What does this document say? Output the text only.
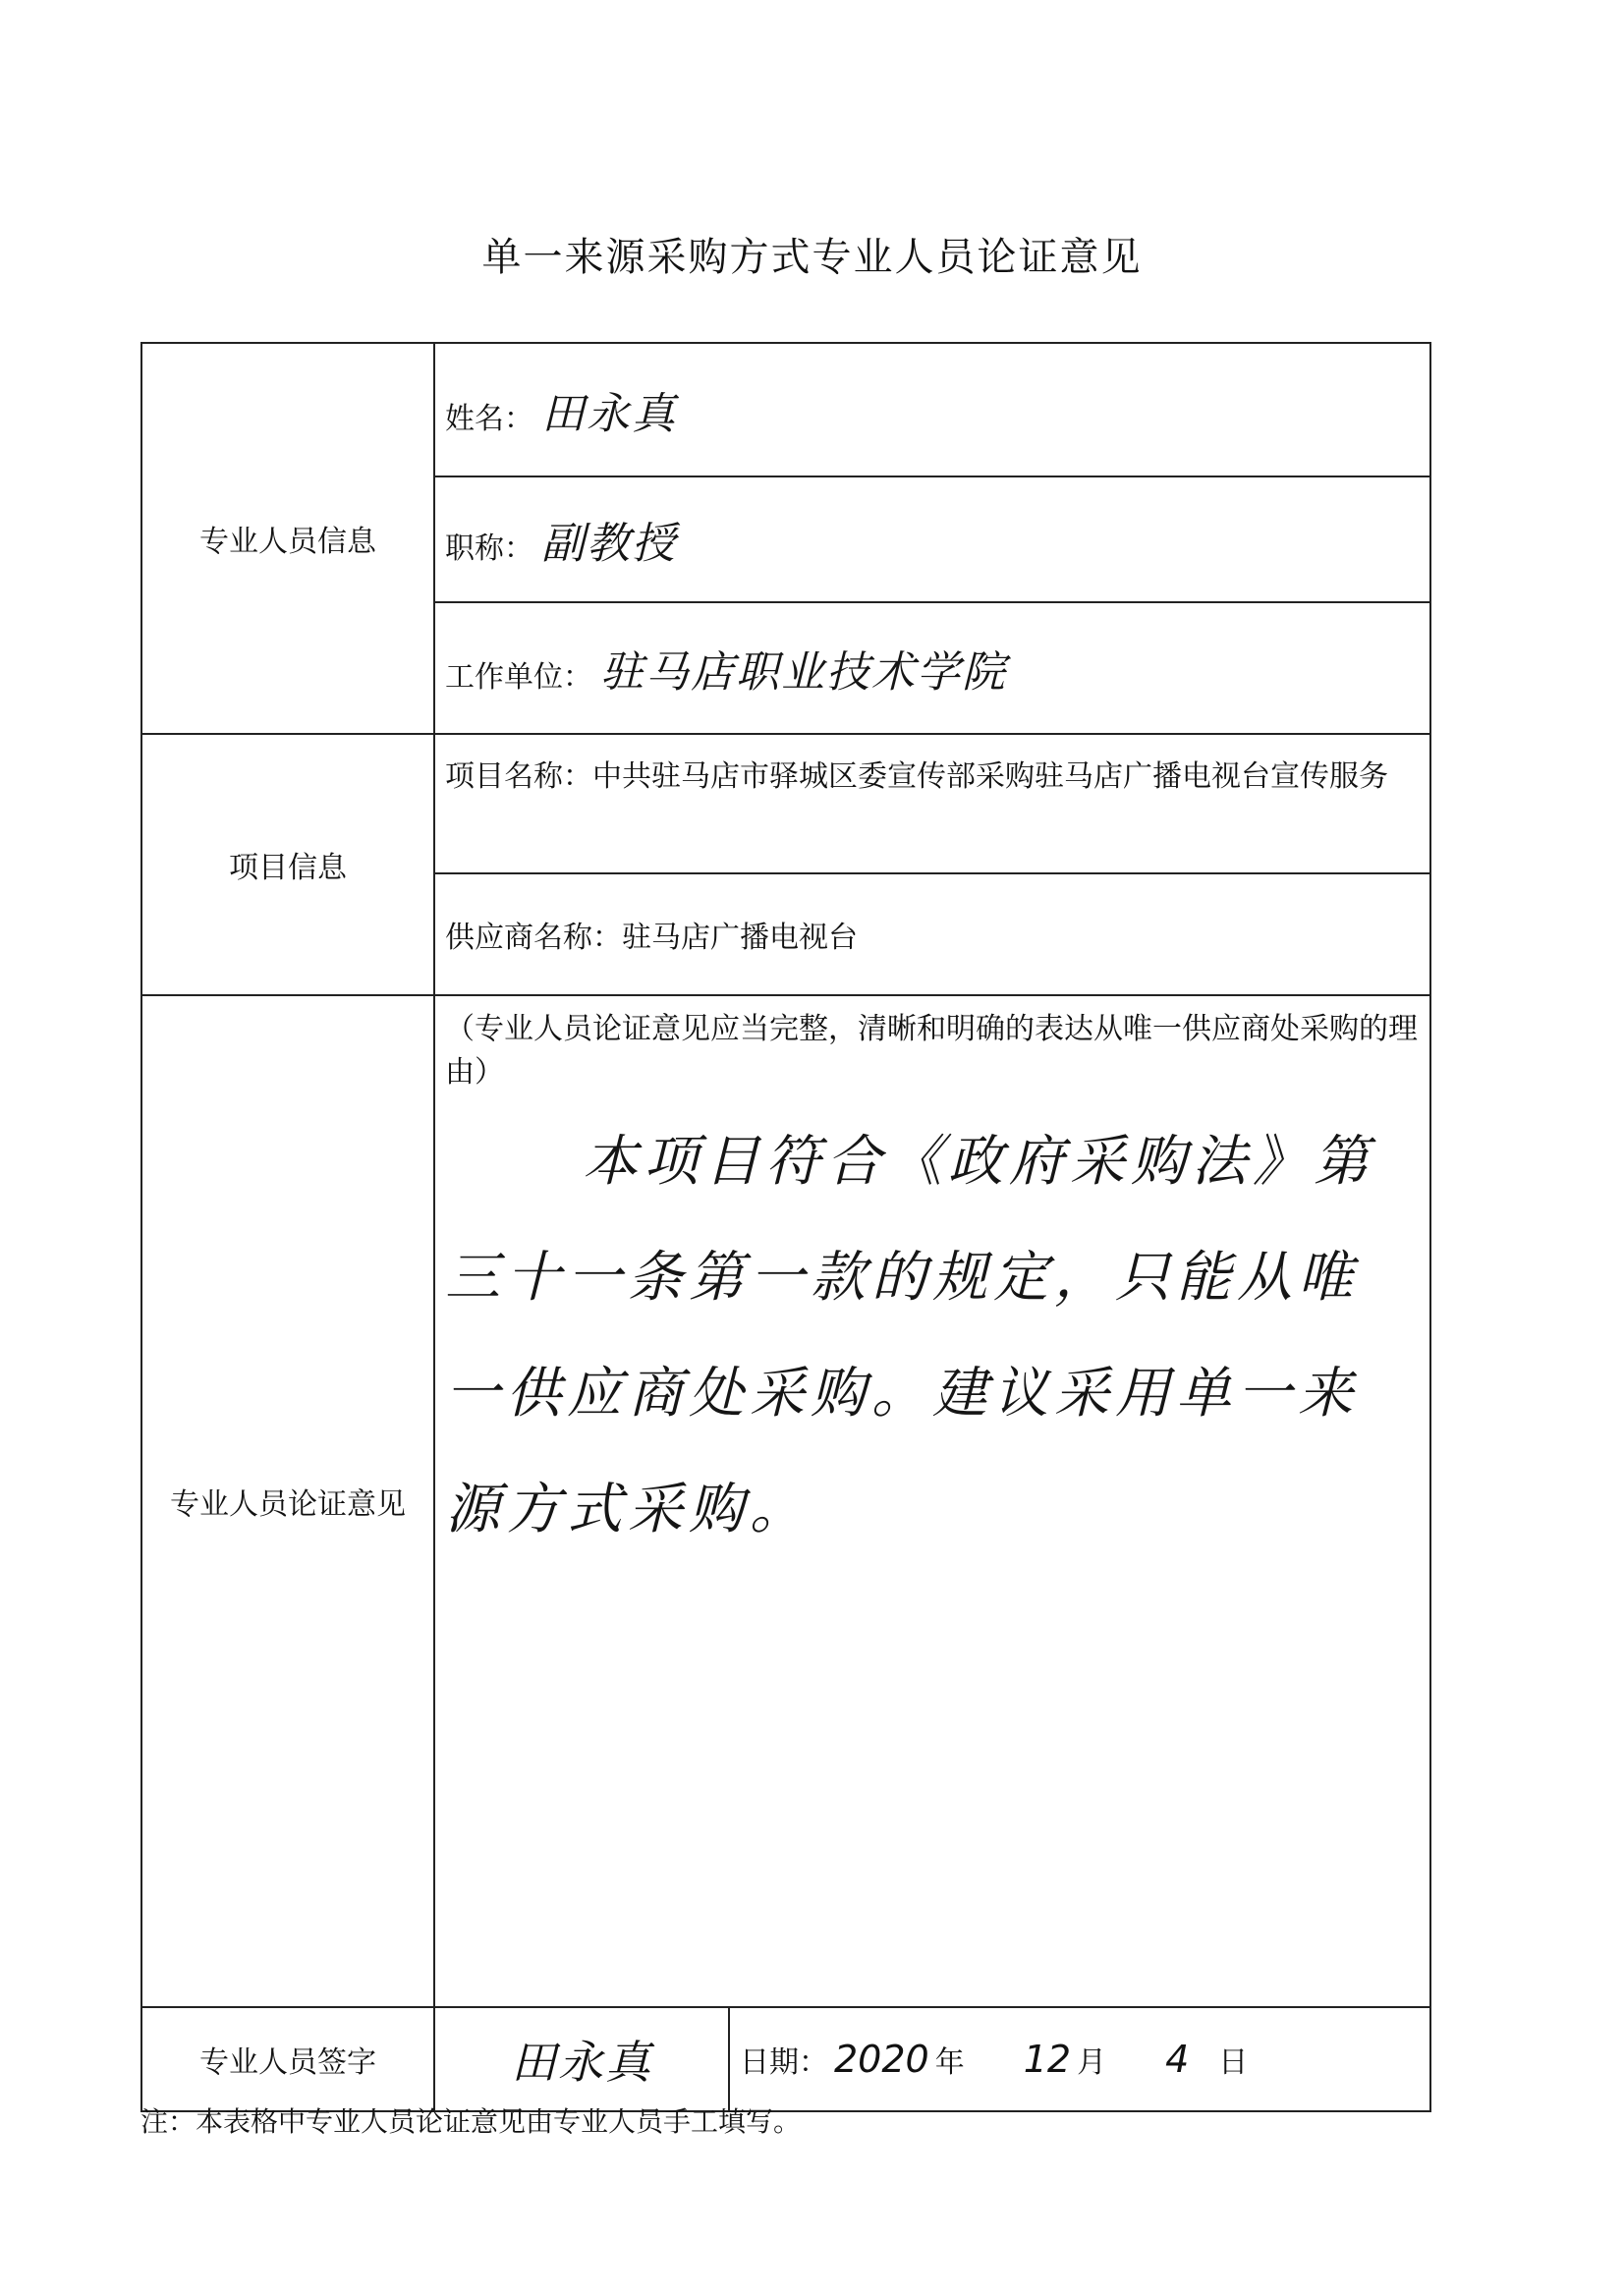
单一来源采购方式专业人员论证意见
专业人员信息	姓名： 田永真	
	职称： 副教授	
	工作单位： 驻马店职业技术学院	
项目信息	项目名称：中共驻马店市驿城区委宣传部采购驻马店广播电视台宣传服务	
	供应商名称：驻马店广播电视台	
专业人员论证意见	（专业人员论证意见应当完整，清晰和明确的表达从唯一供应商处采购的理由）
本项目符合《政府采购法》第三十一条第一款的规定，只能从唯一供应商处采购。建议采用单一来源方式采购。	

专业人员签字	田永真	日期： 2020 年 12 月 4 日
注：本表格中专业人员论证意见由专业人员手工填写。
